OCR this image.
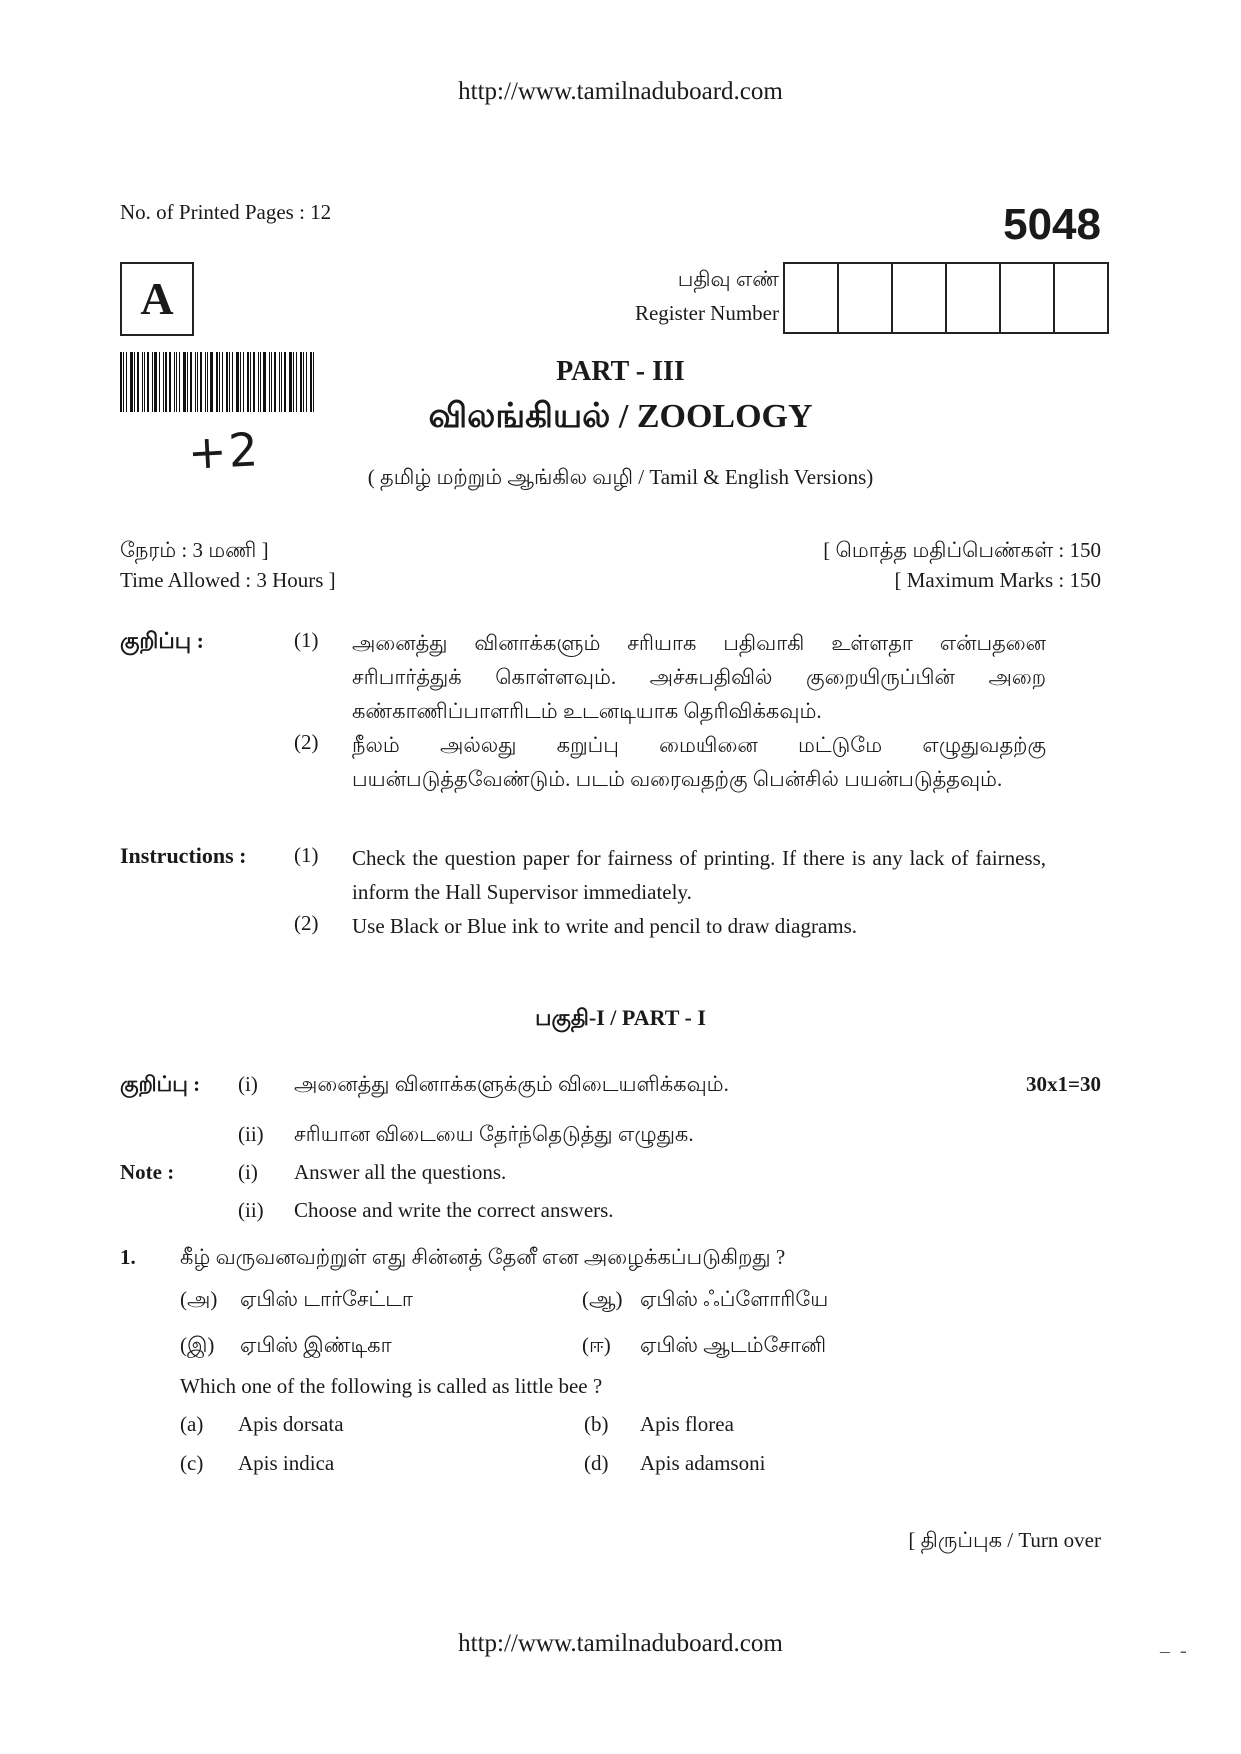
http://www.tamilnaduboard.com
No. of Printed Pages : 12	5048
A	பதிவு எண்
Register Number
+2
PART - III
விலங்கியல் / ZOOLOGY
( தமிழ் மற்றும் ஆங்கில வழி / Tamil & English Versions)
நேரம் : 3 மணி ]
Time Allowed : 3 Hours ]
[ மொத்த மதிப்பெண்கள் : 150
[ Maximum Marks : 150
குறிப்பு :	(1) அனைத்து வினாக்களும் சரியாக பதிவாகி உள்ளதா என்பதனை சரிபார்த்துக் கொள்ளவும். அச்சுபதிவில் குறையிருப்பின் அறை கண்காணிப்பாளரிடம் உடனடியாக தெரிவிக்கவும்.
(2) நீலம் அல்லது கறுப்பு மையினை மட்டுமே எழுதுவதற்கு பயன்படுத்தவேண்டும். படம் வரைவதற்கு பென்சில் பயன்படுத்தவும்.
Instructions : (1) Check the question paper for fairness of printing. If there is any lack of fairness, inform the Hall Supervisor immediately.
(2) Use Black or Blue ink to write and pencil to draw diagrams.
பகுதி-I / PART - I
குறிப்பு : (i) அனைத்து வினாக்களுக்கும் விடையளிக்கவும்.	30x1=30
(ii) சரியான விடையை தேர்ந்தெடுத்து எழுதுக.
Note :	(i) Answer all the questions.
(ii) Choose and write the correct answers.
1. கீழ் வருவனவற்றுள் எது சின்னத் தேனீ என அழைக்கப்படுகிறது ?
(அ) ஏபிஸ் டார்சேட்டா	(ஆ) ஏபிஸ் ஃப்ளோரியே
(இ) ஏபிஸ் இண்டிகா	(ஈ) ஏபிஸ் ஆடம்சோனி
Which one of the following is called as little bee ?
(a) Apis dorsata	(b) Apis florea
(c) Apis indica	(d) Apis adamsoni
[ திருப்புக / Turn over
http://www.tamilnaduboard.com	–  -
